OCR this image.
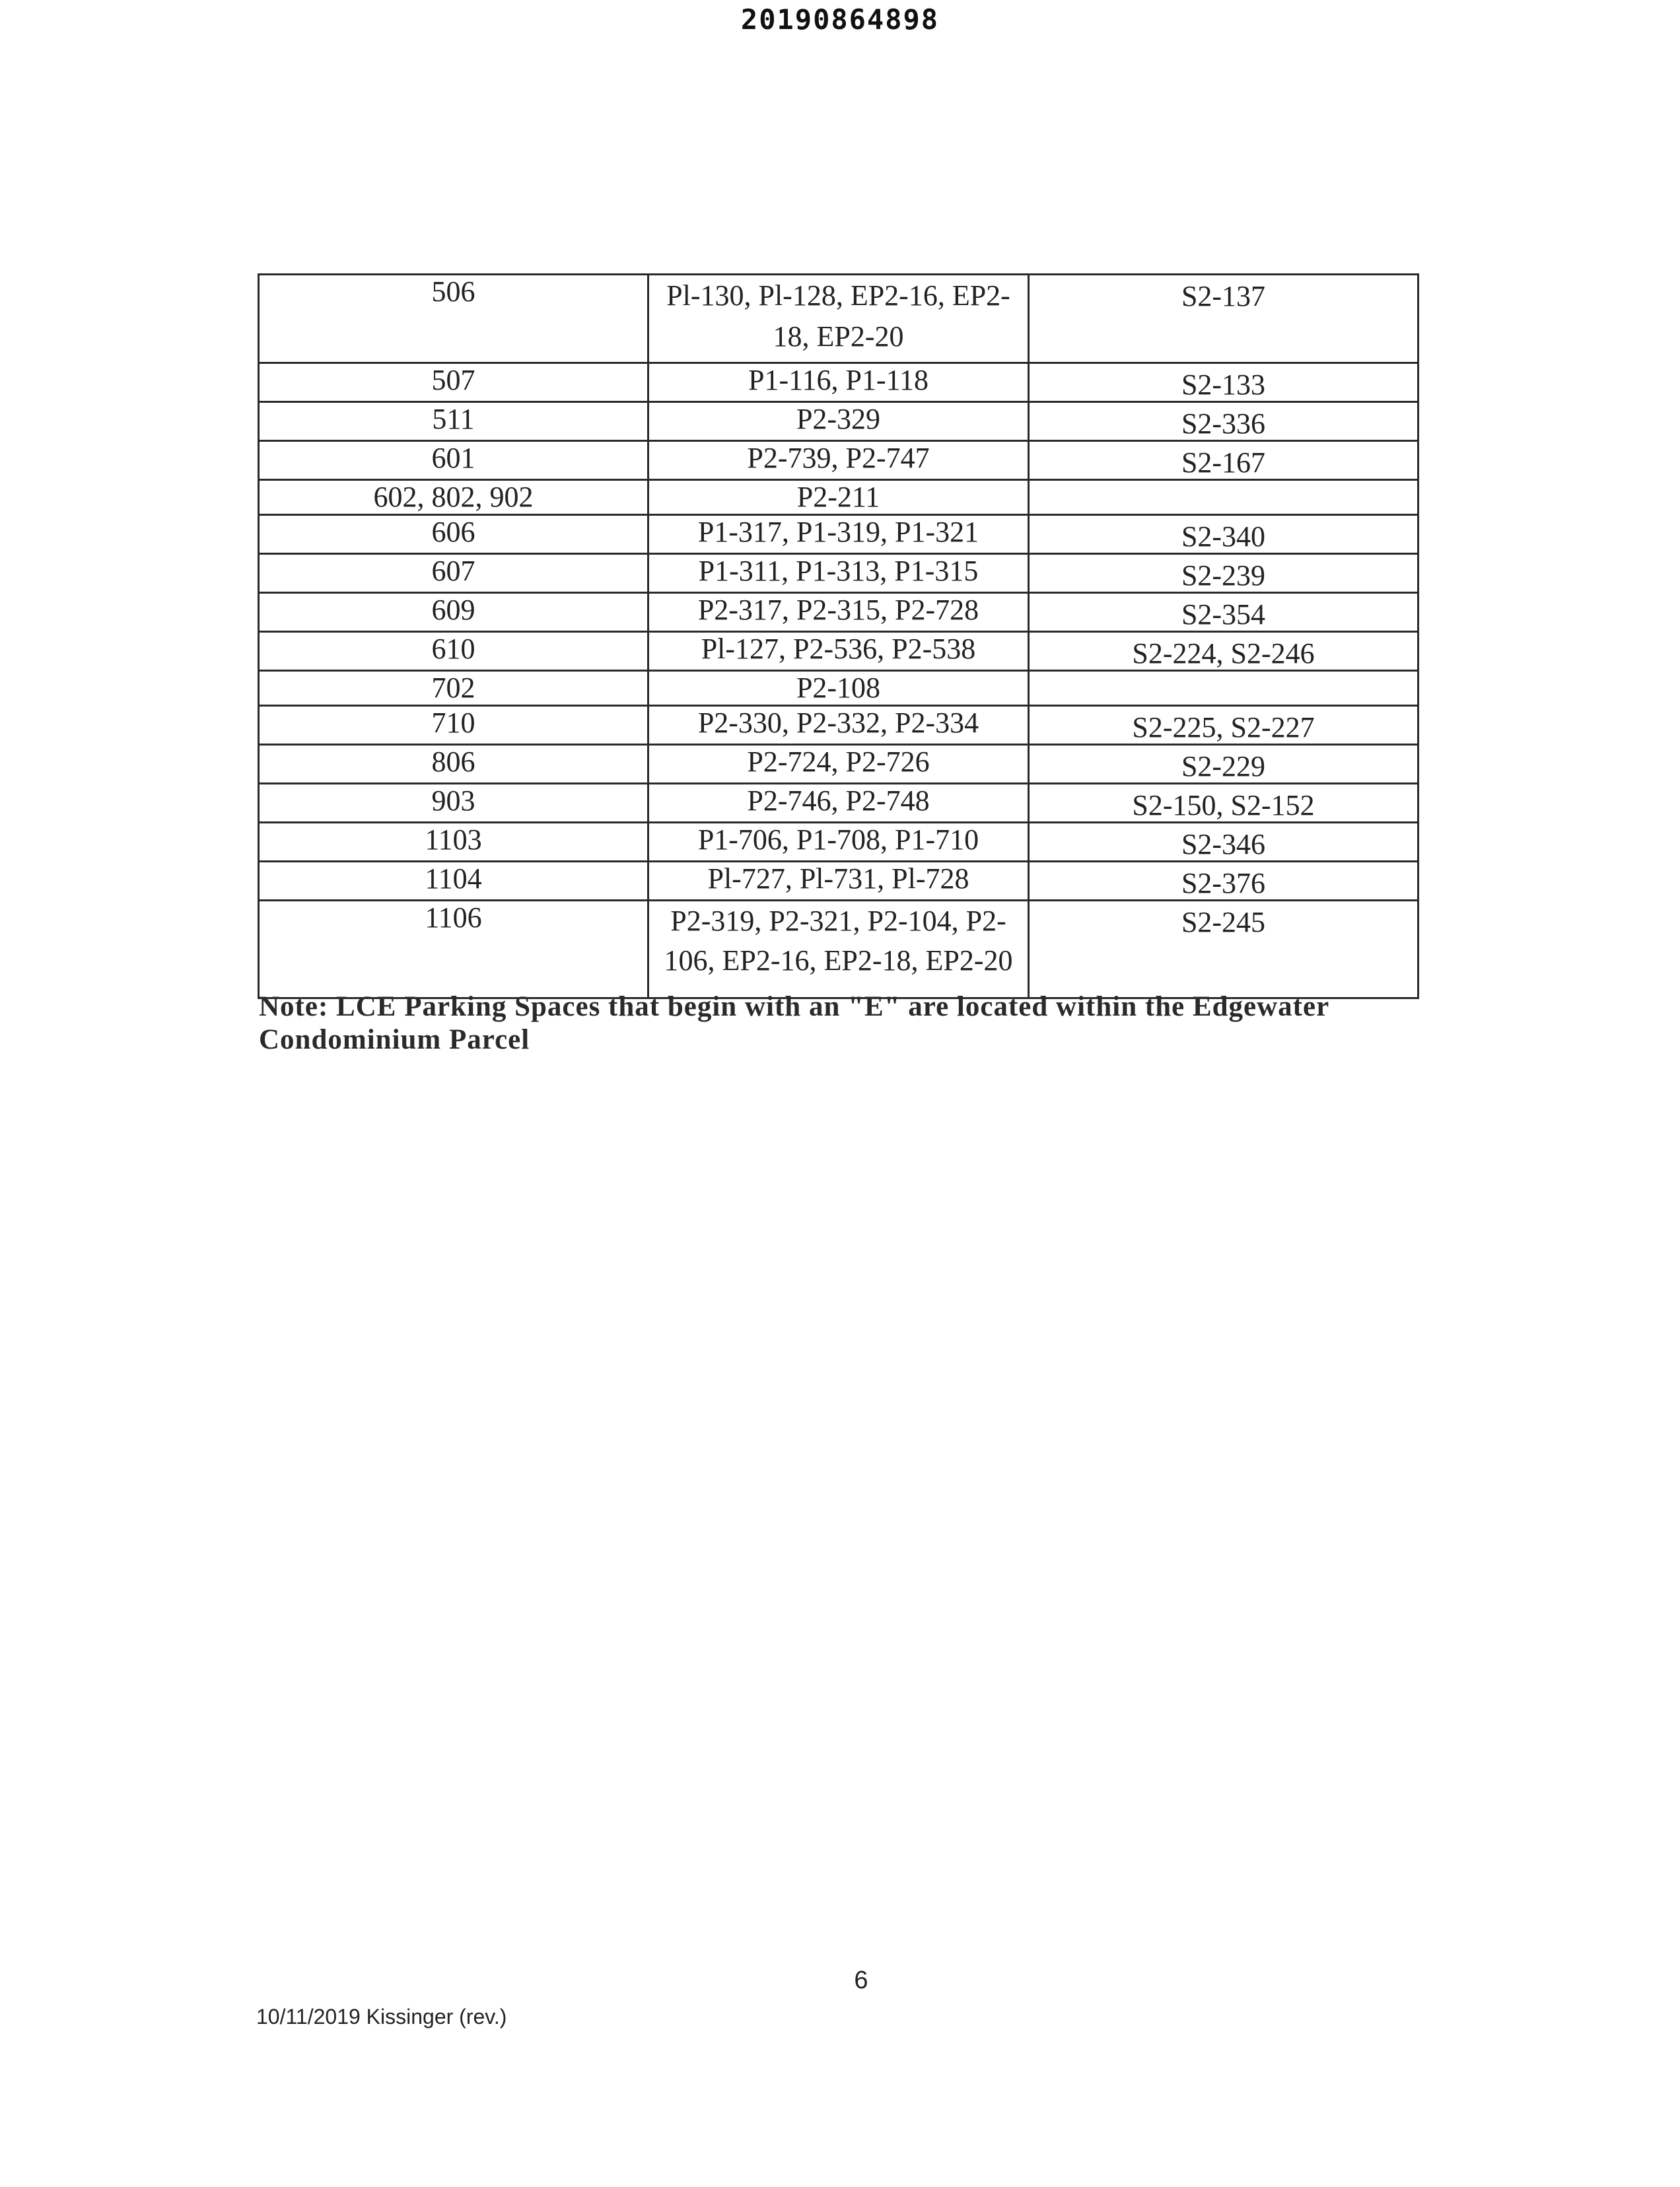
20190864898
506	Pl-130, Pl-128, EP2-16, EP2-18, EP2-20	S2-137
507	P1-116, P1-118	S2-133
511	P2-329	S2-336
601	P2-739, P2-747	S2-167
602, 802, 902	P2-211	
606	P1-317, P1-319, P1-321	S2-340
607	P1-311, P1-313, P1-315	S2-239
609	P2-317, P2-315, P2-728	S2-354
610	Pl-127, P2-536, P2-538	S2-224, S2-246
702	P2-108	
710	P2-330, P2-332, P2-334	S2-225, S2-227
806	P2-724, P2-726	S2-229
903	P2-746, P2-748	S2-150, S2-152
1103	P1-706, P1-708, P1-710	S2-346
1104	Pl-727, Pl-731, Pl-728	S2-376
1106	P2-319, P2-321, P2-104, P2-106, EP2-16, EP2-18, EP2-20	S2-245
Note: LCE Parking Spaces that begin with an "E" are located within the Edgewater Condominium Parcel
6
10/11/2019 Kissinger (rev.)
